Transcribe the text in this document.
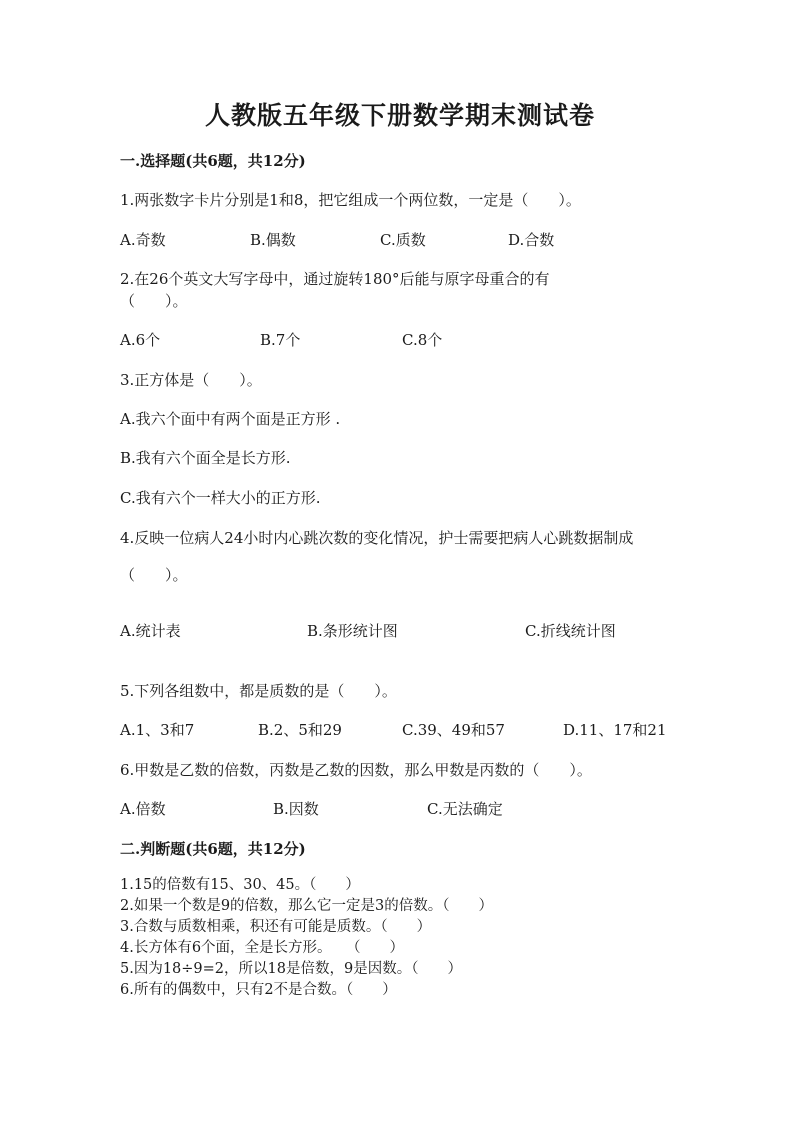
人教版五年级下册数学期末测试卷
一.选择题(共6题，共12分)
1.两张数字卡片分别是1和8，把它组成一个两位数，一定是（　　）。
A.奇数	B.偶数	C.质数	D.合数
2.在26个英文大写字母中，通过旋转180°后能与原字母重合的有
（　　）。
A.6个	B.7个	C.8个
3.正方体是（　　）。
A.我六个面中有两个面是正方形 .
B.我有六个面全是长方形.
C.我有六个一样大小的正方形.
4.反映一位病人24小时内心跳次数的变化情况，护士需要把病人心跳数据制成
（　　）。
A.统计表	B.条形统计图	C.折线统计图
5.下列各组数中，都是质数的是（　　）。
A.1、3和7	B.2、5和29	C.39、49和57	D.11、17和21
6.甲数是乙数的倍数，丙数是乙数的因数，那么甲数是丙数的（　　）。
A.倍数	B.因数	C.无法确定
二.判断题(共6题，共12分)
1.15的倍数有15、30、45。（　　）
2.如果一个数是9的倍数，那么它一定是3的倍数。（　　）
3.合数与质数相乘，积还有可能是质数。（　　）
4.长方体有6个面，全是长方形。　　（　　）
5.因为18÷9=2，所以18是倍数，9是因数。（　　）
6.所有的偶数中，只有2不是合数。（　　）
